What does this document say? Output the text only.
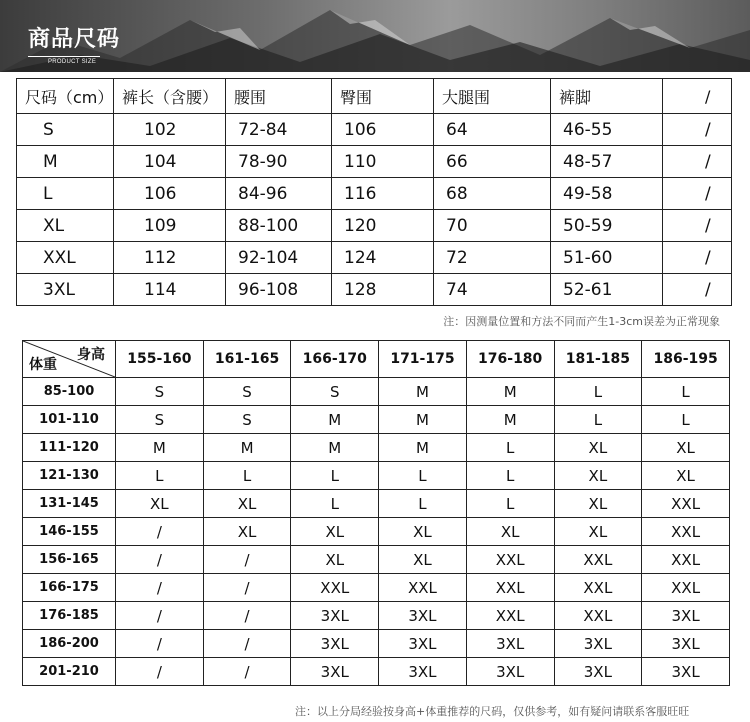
商品尺码
PRODUCT SIZE
尺码（cm）	裤长（含腰）	腰围	臀围	大腿围	裤脚	/
S	102	72-84	106	64	46-55	/
M	104	78-90	110	66	48-57	/
L	106	84-96	116	68	49-58	/
XL	109	88-100	120	70	50-59	/
XXL	112	92-104	124	72	51-60	/
3XL	114	96-108	128	74	52-61	/
注：因测量位置和方法不同而产生1-3cm误差为正常现象
身高
体重	155-160	161-165	166-170	171-175	176-180	181-185	186-195
85-100	S	S	S	M	M	L	L
101-110	S	S	M	M	M	L	L
111-120	M	M	M	M	L	XL	XL
121-130	L	L	L	L	L	XL	XL
131-145	XL	XL	L	L	L	XL	XXL
146-155	/	XL	XL	XL	XL	XL	XXL
156-165	/	/	XL	XL	XXL	XXL	XXL
166-175	/	/	XXL	XXL	XXL	XXL	XXL
176-185	/	/	3XL	3XL	XXL	XXL	3XL
186-200	/	/	3XL	3XL	3XL	3XL	3XL
201-210	/	/	3XL	3XL	3XL	3XL	3XL
注：以上分局经验按身高+体重推荐的尺码，仅供参考，如有疑问请联系客服旺旺
